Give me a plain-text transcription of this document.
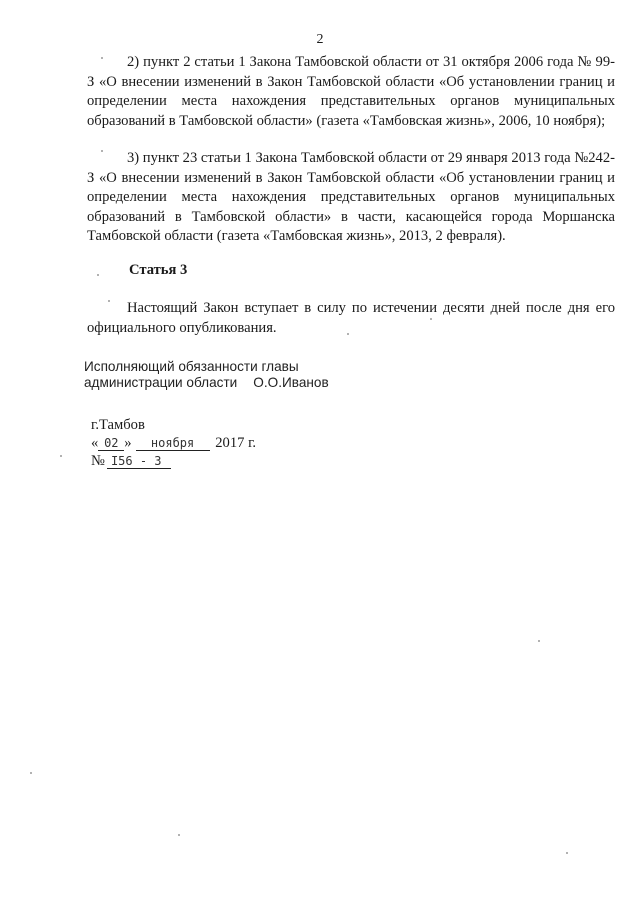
2

2) пункт 2 статьи 1 Закона Тамбовской области от 31 октября 2006 года № 99-З «О внесении изменений в Закон Тамбовской области «Об установлении границ и определении места нахождения представительных органов муниципальных образований в Тамбовской области» (газета «Тамбовская жизнь», 2006, 10 ноября);

3) пункт 23 статьи 1 Закона Тамбовской области от 29 января 2013 года №242-З «О внесении изменений в Закон Тамбовской области «Об установлении границ и определении места нахождения представительных органов муниципальных образований в Тамбовской области» в части, касающейся города Моршанска Тамбовской области (газета «Тамбовская жизнь», 2013, 2 февраля).

Статья 3

Настоящий Закон вступает в силу по истечении десяти дней после дня его официального опубликования.

Исполняющий обязанности главы
администрации области О.О.Иванов
г.Тамбов
« 02 » ноября 2017 г.
№ I56 - З
